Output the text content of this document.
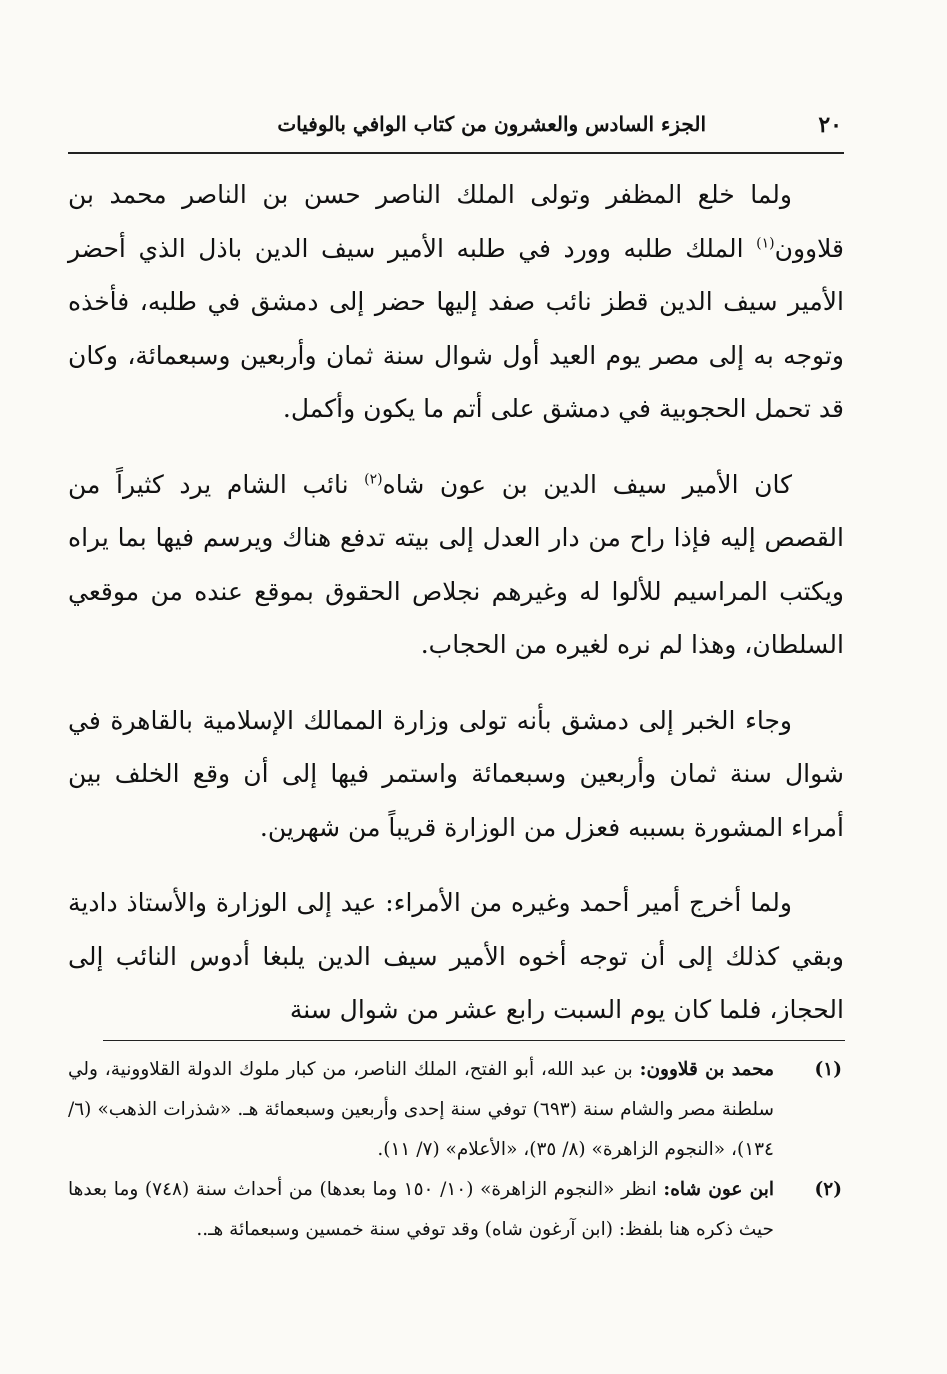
٢٠
الجزء السادس والعشرون من كتاب الوافي بالوفيات

ولما خلع المظفر وتولى الملك الناصر حسن بن الناصر محمد بن قلاوون$^{(١)}$ الملك طلبه وورد في طلبه الأمير سيف الدين باذل الذي أحضر الأمير سيف الدين قطز نائب صفد إليها حضر إلى دمشق في طلبه، فأخذه وتوجه به إلى مصر يوم العيد أول شوال سنة ثمان وأربعين وسبعمائة، وكان قد تحمل الحجوبية في دمشق على أتم ما يكون وأكمل.

كان الأمير سيف الدين بن عون شاه$^{(٢)}$ نائب الشام يرد كثيراً من القصص إليه فإذا راح من دار العدل إلى بيته تدفع هناك ويرسم فيها بما يراه ويكتب المراسيم للألوا له وغيرهم نجلاص الحقوق بموقع عنده من موقعي السلطان، وهذا لم نره لغيره من الحجاب.

وجاء الخبر إلى دمشق بأنه تولى وزارة الممالك الإسلامية بالقاهرة في شوال سنة ثمان وأربعين وسبعمائة واستمر فيها إلى أن وقع الخلف بين أمراء المشورة بسببه فعزل من الوزارة قريباً من شهرين.

ولما أخرج أمير أحمد وغيره من الأمراء: عيد إلى الوزارة والأستاذ دادية وبقي كذلك إلى أن توجه أخوه الأمير سيف الدين يلبغا أدوس النائب إلى الحجاز، فلما كان يوم السبت رابع عشر من شوال سنة

(١)
محمد بن قلاوون: بن عبد الله، أبو الفتح، الملك الناصر، من كبار ملوك الدولة القلاوونية، ولي سلطنة مصر والشام سنة (٦٩٣) توفي سنة إحدى وأربعين وسبعمائة هـ. «شذرات الذهب» (٦/ ١٣٤)، «النجوم الزاهرة» (٨/ ٣٥)، «الأعلام» (٧/ ١١).
(٢)
ابن عون شاه: انظر «النجوم الزاهرة» (١٠/ ١٥٠ وما بعدها) من أحداث سنة (٧٤٨) وما بعدها حيث ذكره هنا بلفظ: (ابن آرغون شاه) وقد توفي سنة خمسين وسبعمائة هـ..
